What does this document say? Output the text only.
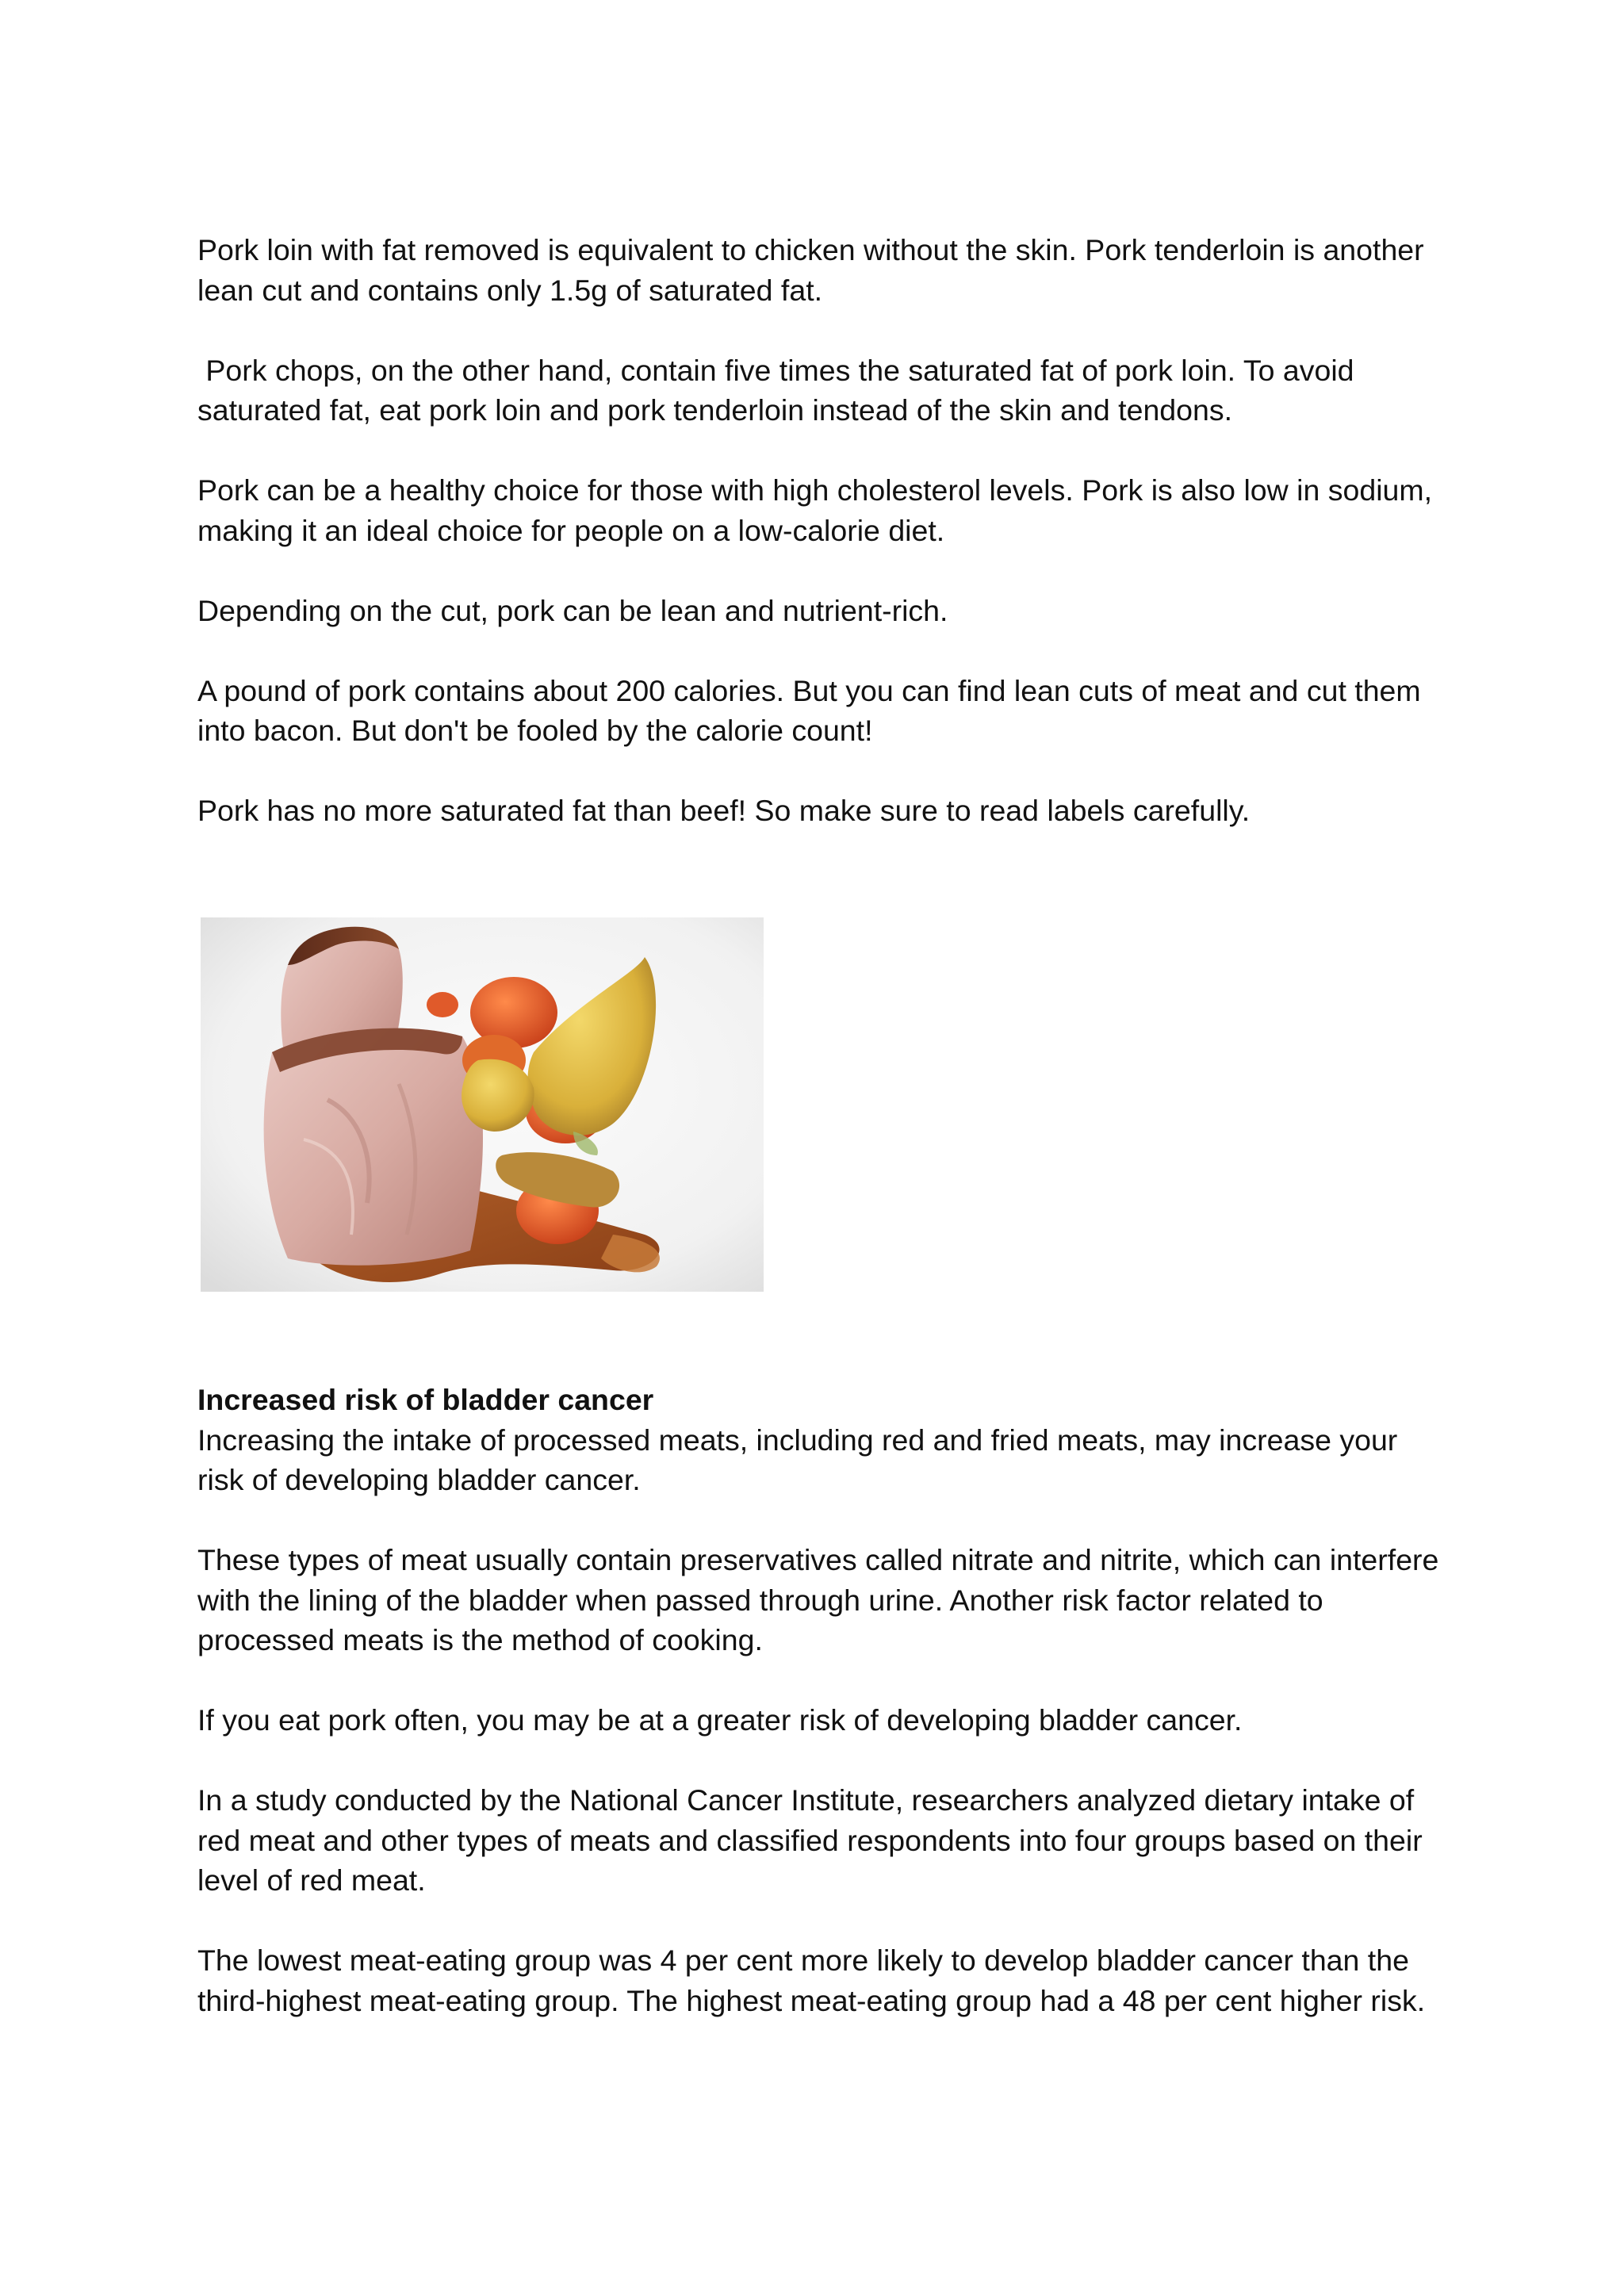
Pork loin with fat removed is equivalent to chicken without the skin. Pork tenderloin is another lean cut and contains only 1.5g of saturated fat.

Pork chops, on the other hand, contain five times the saturated fat of pork loin. To avoid saturated fat, eat pork loin and pork tenderloin instead of the skin and tendons.

Pork can be a healthy choice for those with high cholesterol levels. Pork is also low in sodium, making it an ideal choice for people on a low-calorie diet.

Depending on the cut, pork can be lean and nutrient-rich.

A pound of pork contains about 200 calories. But you can find lean cuts of meat and cut them into bacon. But don't be fooled by the calorie count!

Pork has no more saturated fat than beef! So make sure to read labels carefully.

Increased risk of bladder cancer

Increasing the intake of processed meats, including red and fried meats, may increase your risk of developing bladder cancer.

These types of meat usually contain preservatives called nitrate and nitrite, which can interfere with the lining of the bladder when passed through urine. Another risk factor related to processed meats is the method of cooking.

If you eat pork often, you may be at a greater risk of developing bladder cancer.

In a study conducted by the National Cancer Institute, researchers analyzed dietary intake of red meat and other types of meats and classified respondents into four groups based on their level of red meat.

The lowest meat-eating group was 4 per cent more likely to develop bladder cancer than the third-highest meat-eating group. The highest meat-eating group had a 48 per cent higher risk.
